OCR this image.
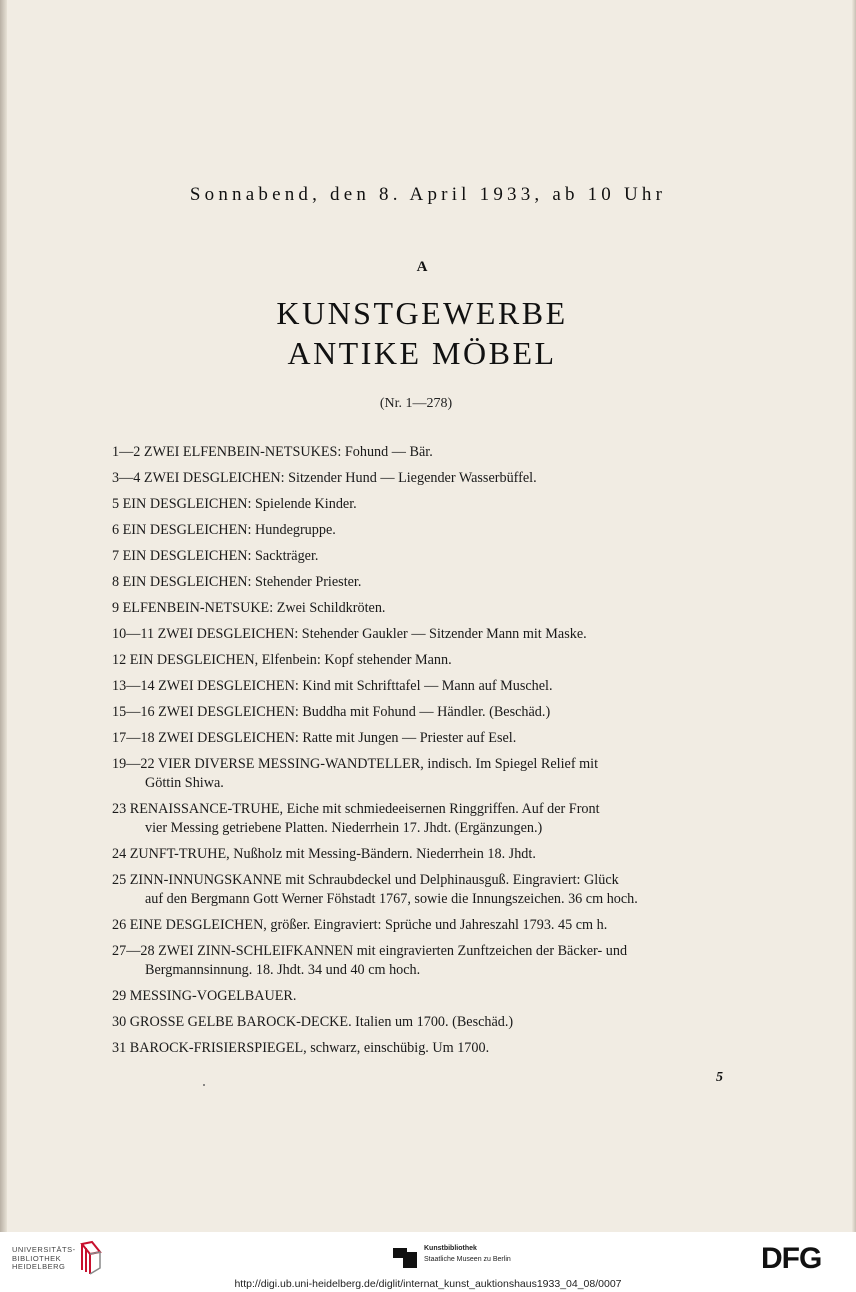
Sonnabend, den 8. April 1933, ab 10 Uhr
A
KUNSTGEWERBE
ANTIKE MÖBEL
(Nr. 1—278)
1—2 ZWEI ELFENBEIN-NETSUKES: Fohund — Bär.
3—4 ZWEI DESGLEICHEN: Sitzender Hund — Liegender Wasserbüffel.
5 EIN DESGLEICHEN: Spielende Kinder.
6 EIN DESGLEICHEN: Hundegruppe.
7 EIN DESGLEICHEN: Sackträger.
8 EIN DESGLEICHEN: Stehender Priester.
9 ELFENBEIN-NETSUKE: Zwei Schildkröten.
10—11 ZWEI DESGLEICHEN: Stehender Gaukler — Sitzender Mann mit Maske.
12 EIN DESGLEICHEN, Elfenbein: Kopf stehender Mann.
13—14 ZWEI DESGLEICHEN: Kind mit Schrifttafel — Mann auf Muschel.
15—16 ZWEI DESGLEICHEN: Buddha mit Fohund — Händler. (Beschäd.)
17—18 ZWEI DESGLEICHEN: Ratte mit Jungen — Priester auf Esel.
19—22 VIER DIVERSE MESSING-WANDTELLER, indisch. Im Spiegel Relief mit
Göttin Shiwa.
23 RENAISSANCE-TRUHE, Eiche mit schmiedeeisernen Ringgriffen. Auf der Front
vier Messing getriebene Platten. Niederrhein 17. Jhdt. (Ergänzungen.)
24 ZUNFT-TRUHE, Nußholz mit Messing-Bändern. Niederrhein 18. Jhdt.
25 ZINN-INNUNGSKANNE mit Schraubdeckel und Delphinausguß. Eingraviert: Glück
auf den Bergmann Gott Werner Föhstadt 1767, sowie die Innungszeichen. 36 cm hoch.
26 EINE DESGLEICHEN, größer. Eingraviert: Sprüche und Jahreszahl 1793. 45 cm h.
27—28 ZWEI ZINN-SCHLEIFKANNEN mit eingravierten Zunftzeichen der Bäcker- und
Bergmannsinnung. 18. Jhdt. 34 und 40 cm hoch.
29 MESSING-VOGELBAUER.
30 GROSSE GELBE BAROCK-DECKE. Italien um 1700. (Beschäd.)
31 BAROCK-FRISIERSPIEGEL, schwarz, einschübig. Um 1700.
5
UNIVERSITÄTS-
BIBLIOTHEK
HEIDELBERG
Kunstbibliothek
Staatliche Museen zu Berlin	DFG
http://digi.ub.uni-heidelberg.de/diglit/internat_kunst_auktionshaus1933_04_08/0007
